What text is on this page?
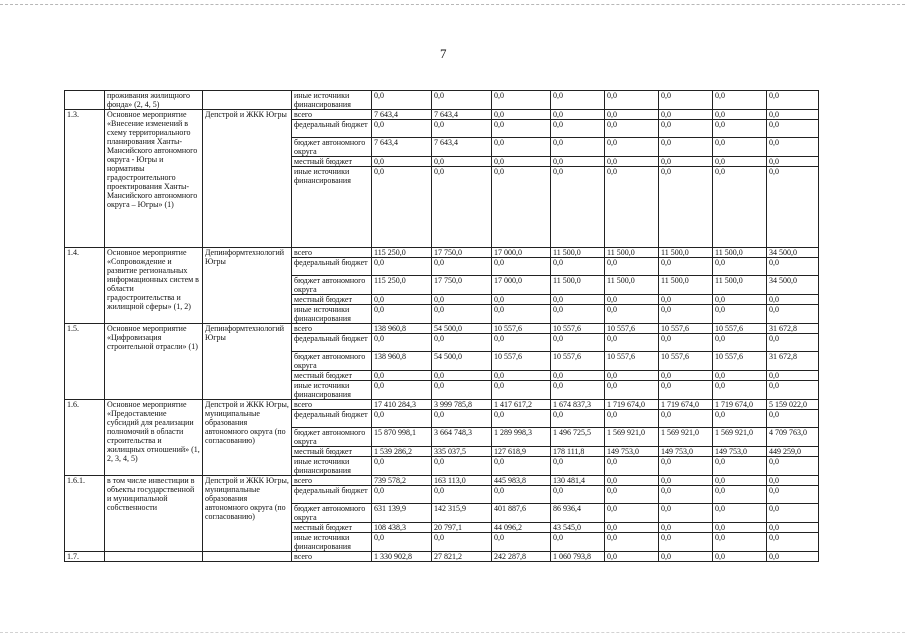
7
	проживания жилищного фонда» (2, 4, 5)		иные источники финансирования	0,0	0,0	0,0	0,0	0,0	0,0	0,0	0,0

1.3.	Основное мероприятие «Внесение изменений в схему территориального планирования Ханты-Мансийского автономного округа - Югры и нормативы градостроительного проектирования Ханты-Мансийского автономного округа – Югры» (1)	Депстрой и ЖКК Югры	всего	7 643,4	7 643,4	0,0	0,0	0,0	0,0	0,0	0,0
			федеральный бюджет	0,0	0,0	0,0	0,0	0,0	0,0	0,0	0,0

			бюджет автономного округа	7 643,4	7 643,4	0,0	0,0	0,0	0,0	0,0	0,0

			местный бюджет	0,0	0,0	0,0	0,0	0,0	0,0	0,0	0,0
			иные источники финансирования	0,0	0,0	0,0	0,0	0,0	0,0	0,0	0,0

1.4.	Основное мероприятие «Сопровождение и развитие региональных информационных систем в области градостроительства и жилищной сферы» (1, 2)	Депинформтехнологий Югры	всего	115 250,0	17 750,0	17 000,0	11 500,0	11 500,0	11 500,0	11 500,0	34 500,0
			федеральный бюджет	0,0	0,0	0,0	0,0	0,0	0,0	0,0	0,0

			бюджет автономного округа	115 250,0	17 750,0	17 000,0	11 500,0	11 500,0	11 500,0	11 500,0	34 500,0

			местный бюджет	0,0	0,0	0,0	0,0	0,0	0,0	0,0	0,0
			иные источники финансирования	0,0	0,0	0,0	0,0	0,0	0,0	0,0	0,0

1.5.	Основное мероприятие «Цифровизация строительной отрасли» (1)	Депинформтехнологий Югры	всего	138 960,8	54 500,0	10 557,6	10 557,6	10 557,6	10 557,6	10 557,6	31 672,8
			федеральный бюджет	0,0	0,0	0,0	0,0	0,0	0,0	0,0	0,0

			бюджет автономного округа	138 960,8	54 500,0	10 557,6	10 557,6	10 557,6	10 557,6	10 557,6	31 672,8

			местный бюджет	0,0	0,0	0,0	0,0	0,0	0,0	0,0	0,0
			иные источники финансирования	0,0	0,0	0,0	0,0	0,0	0,0	0,0	0,0

1.6.	Основное мероприятие «Предоставление субсидий для реализации полномочий в области строительства и жилищных отношений» (1, 2, 3, 4, 5)	Депстрой и ЖКК Югры, муниципальные образования автономного округа (по согласованию)	всего	17 410 284,3	3 999 785,8	1 417 617,2	1 674 837,3	1 719 674,0	1 719 674,0	1 719 674,0	5 159 022,0
			федеральный бюджет	0,0	0,0	0,0	0,0	0,0	0,0	0,0	0,0

			бюджет автономного округа	15 870 998,1	3 664 748,3	1 289 998,3	1 496 725,5	1 569 921,0	1 569 921,0	1 569 921,0	4 709 763,0

			местный бюджет	1 539 286,2	335 037,5	127 618,9	178 111,8	149 753,0	149 753,0	149 753,0	449 259,0
			иные источники финансирования	0,0	0,0	0,0	0,0	0,0	0,0	0,0	0,0

1.6.1.	в том числе инвестиции в объекты государственной и муниципальной собственности	Депстрой и ЖКК Югры, муниципальные образования автономного округа (по согласованию)	всего	739 578,2	163 113,0	445 983,8	130 481,4	0,0	0,0	0,0	0,0
			федеральный бюджет	0,0	0,0	0,0	0,0	0,0	0,0	0,0	0,0

			бюджет автономного округа	631 139,9	142 315,9	401 887,6	86 936,4	0,0	0,0	0,0	0,0

			местный бюджет	108 438,3	20 797,1	44 096,2	43 545,0	0,0	0,0	0,0	0,0
			иные источники финансирования	0,0	0,0	0,0	0,0	0,0	0,0	0,0	0,0

1.7.			всего	1 330 902,8	27 821,2	242 287,8	1 060 793,8	0,0	0,0	0,0	0,0
